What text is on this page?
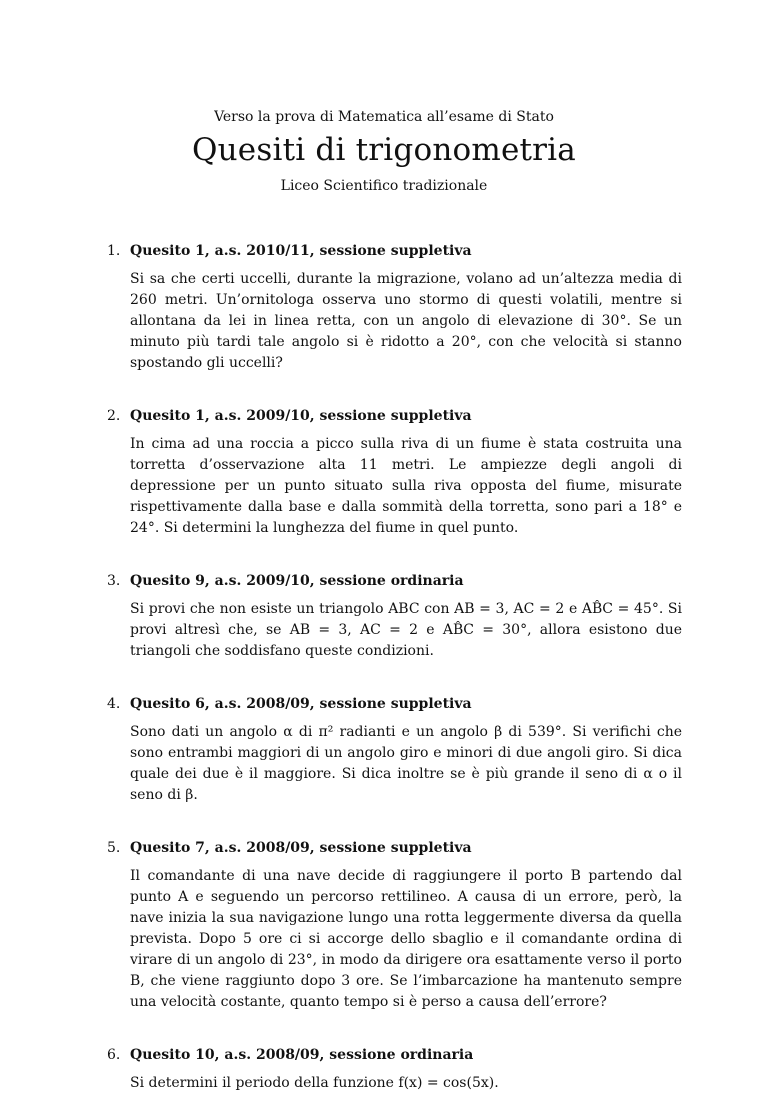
Verso la prova di Matematica all’esame di Stato
Quesiti di trigonometria
Liceo Scientifico tradizionale
1. Quesito 1, a.s. 2010/11, sessione suppletiva
Si sa che certi uccelli, durante la migrazione, volano ad un’altezza media di 260 metri. Un’ornitologa osserva uno stormo di questi volatili, mentre si allontana da lei in linea retta, con un angolo di elevazione di 30°. Se un minuto più tardi tale angolo si è ridotto a 20°, con che velocità si stanno spostando gli uccelli?
2. Quesito 1, a.s. 2009/10, sessione suppletiva
In cima ad una roccia a picco sulla riva di un fiume è stata costruita una torretta d’osservazione alta 11 metri. Le ampiezze degli angoli di depressione per un punto situato sulla riva opposta del fiume, misurate rispettivamente dalla base e dalla sommità della torretta, sono pari a 18° e 24°. Si determini la lunghezza del fiume in quel punto.
3. Quesito 9, a.s. 2009/10, sessione ordinaria
Si provi che non esiste un triangolo ABC con AB = 3, AC = 2 e AB̂C = 45°. Si provi altresì che, se AB = 3, AC = 2 e AB̂C = 30°, allora esistono due triangoli che soddisfano queste condizioni.
4. Quesito 6, a.s. 2008/09, sessione suppletiva
Sono dati un angolo α di π² radianti e un angolo β di 539°. Si verifichi che sono entrambi maggiori di un angolo giro e minori di due angoli giro. Si dica quale dei due è il maggiore. Si dica inoltre se è più grande il seno di α o il seno di β.
5. Quesito 7, a.s. 2008/09, sessione suppletiva
Il comandante di una nave decide di raggiungere il porto B partendo dal punto A e seguendo un percorso rettilineo. A causa di un errore, però, la nave inizia la sua navigazione lungo una rotta leggermente diversa da quella prevista. Dopo 5 ore ci si accorge dello sbaglio e il comandante ordina di virare di un angolo di 23°, in modo da dirigere ora esattamente verso il porto B, che viene raggiunto dopo 3 ore. Se l’imbarcazione ha mantenuto sempre una velocità costante, quanto tempo si è perso a causa dell’errore?
6. Quesito 10, a.s. 2008/09, sessione ordinaria
Si determini il periodo della funzione f(x) = cos(5x).
